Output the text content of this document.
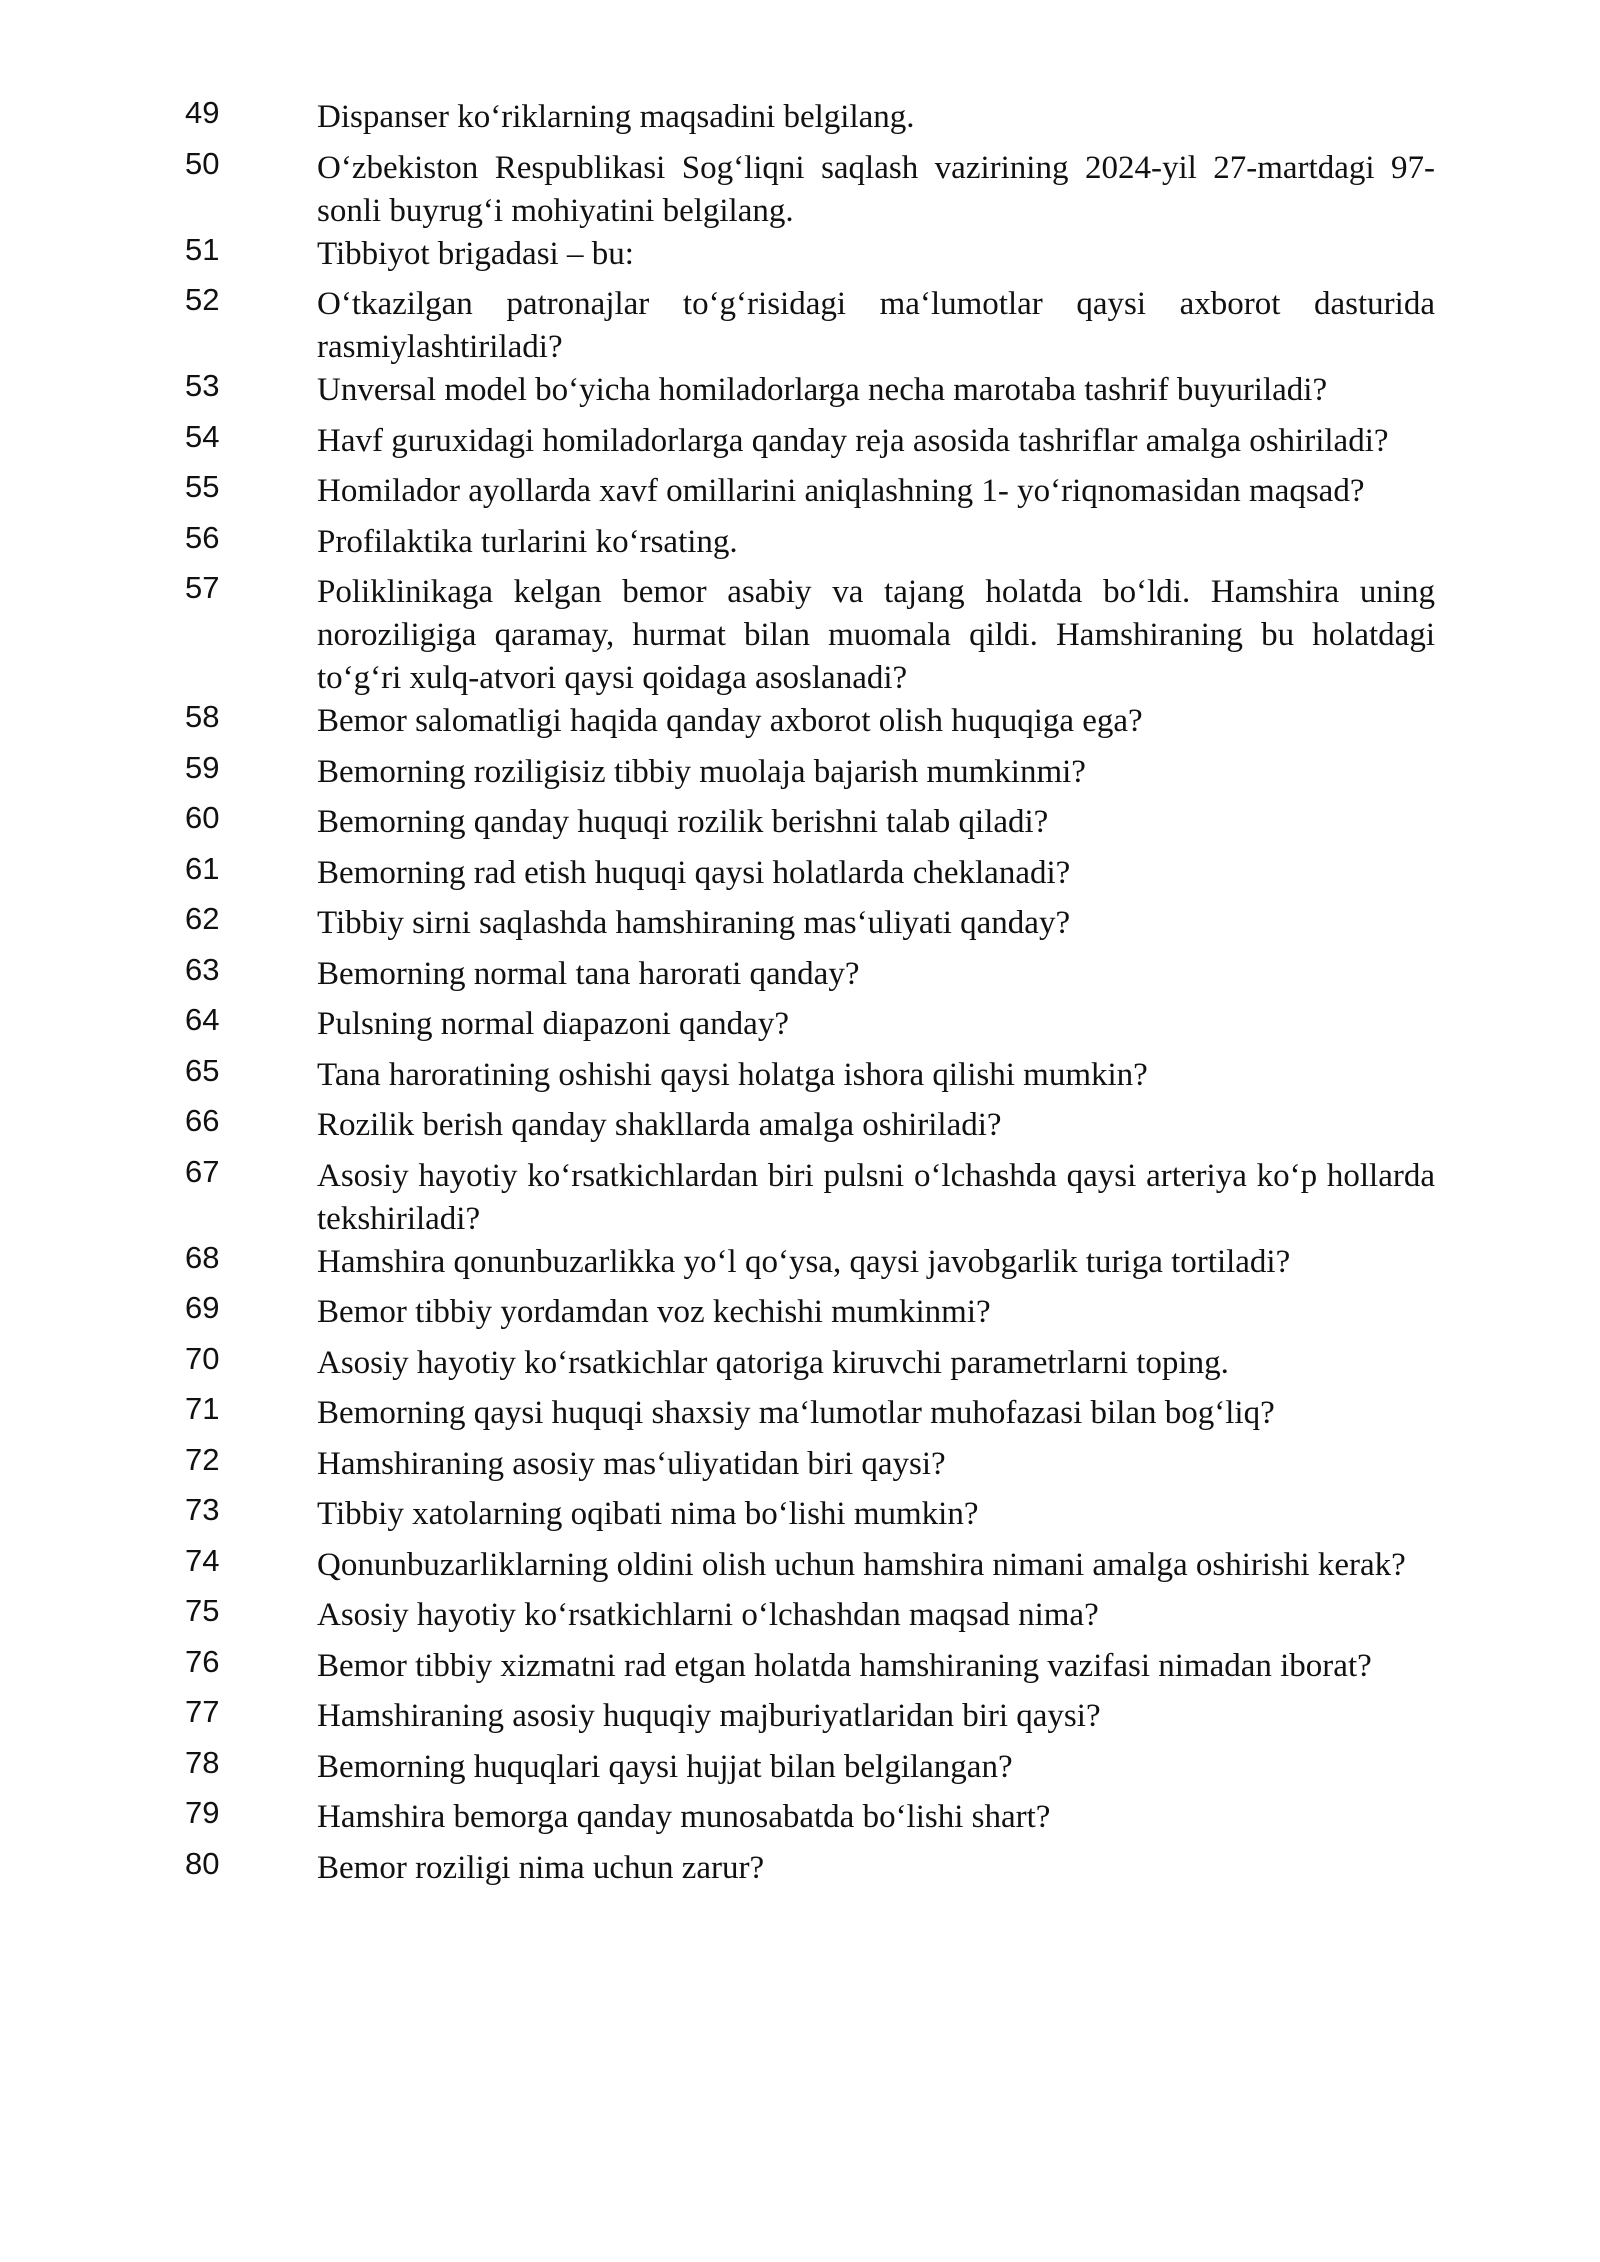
49	Dispanser ko‘riklarning maqsadini belgilang.
50	O‘zbekiston Respublikasi Sog‘liqni saqlash vazirining 2024-yil 27-martdagi 97-sonli buyrug‘i mohiyatini belgilang.
51	Tibbiyot brigadasi – bu:
52	O‘tkazilgan patronajlar to‘g‘risidagi ma‘lumotlar qaysi axborot dasturida rasmiylashtiriladi?
53	Unversal model bo‘yicha homiladorlarga necha marotaba tashrif buyuriladi?
54	Havf guruxidagi homiladorlarga qanday reja asosida tashriflar amalga oshiriladi?
55	Homilador ayollarda xavf omillarini aniqlashning 1- yo‘riqnomasidan maqsad?
56	Profilaktika turlarini ko‘rsating.
57	Poliklinikaga kelgan bemor asabiy va tajang holatda bo‘ldi. Hamshira uning noroziligiga qaramay, hurmat bilan muomala qildi. Hamshiraning bu holatdagi to‘g‘ri xulq-atvori qaysi qoidaga asoslanadi?
58	Bemor salomatligi haqida qanday axborot olish huquqiga ega?
59	Bemorning roziligisiz tibbiy muolaja bajarish mumkinmi?
60	Bemorning qanday huquqi rozilik berishni talab qiladi?
61	Bemorning rad etish huquqi qaysi holatlarda cheklanadi?
62	Tibbiy sirni saqlashda hamshiraning mas‘uliyati qanday?
63	Bemorning normal tana harorati qanday?
64	Pulsning normal diapazoni qanday?
65	Tana haroratining oshishi qaysi holatga ishora qilishi mumkin?
66	Rozilik berish qanday shakllarda amalga oshiriladi?
67	Asosiy hayotiy ko‘rsatkichlardan biri pulsni o‘lchashda qaysi arteriya ko‘p hollarda tekshiriladi?
68	Hamshira qonunbuzarlikka yo‘l qo‘ysa, qaysi javobgarlik turiga tortiladi?
69	Bemor tibbiy yordamdan voz kechishi mumkinmi?
70	Asosiy hayotiy ko‘rsatkichlar qatoriga kiruvchi parametrlarni toping.
71	Bemorning qaysi huquqi shaxsiy ma‘lumotlar muhofazasi bilan bog‘liq?
72	Hamshiraning asosiy mas‘uliyatidan biri qaysi?
73	Tibbiy xatolarning oqibati nima bo‘lishi mumkin?
74	Qonunbuzarliklarning oldini olish uchun hamshira nimani amalga oshirishi kerak?
75	Asosiy hayotiy ko‘rsatkichlarni o‘lchashdan maqsad nima?
76	Bemor tibbiy xizmatni rad etgan holatda hamshiraning vazifasi nimadan iborat?
77	Hamshiraning asosiy huquqiy majburiyatlaridan biri qaysi?
78	Bemorning huquqlari qaysi hujjat bilan belgilangan?
79	Hamshira bemorga qanday munosabatda bo‘lishi shart?
80	Bemor roziligi nima uchun zarur?
